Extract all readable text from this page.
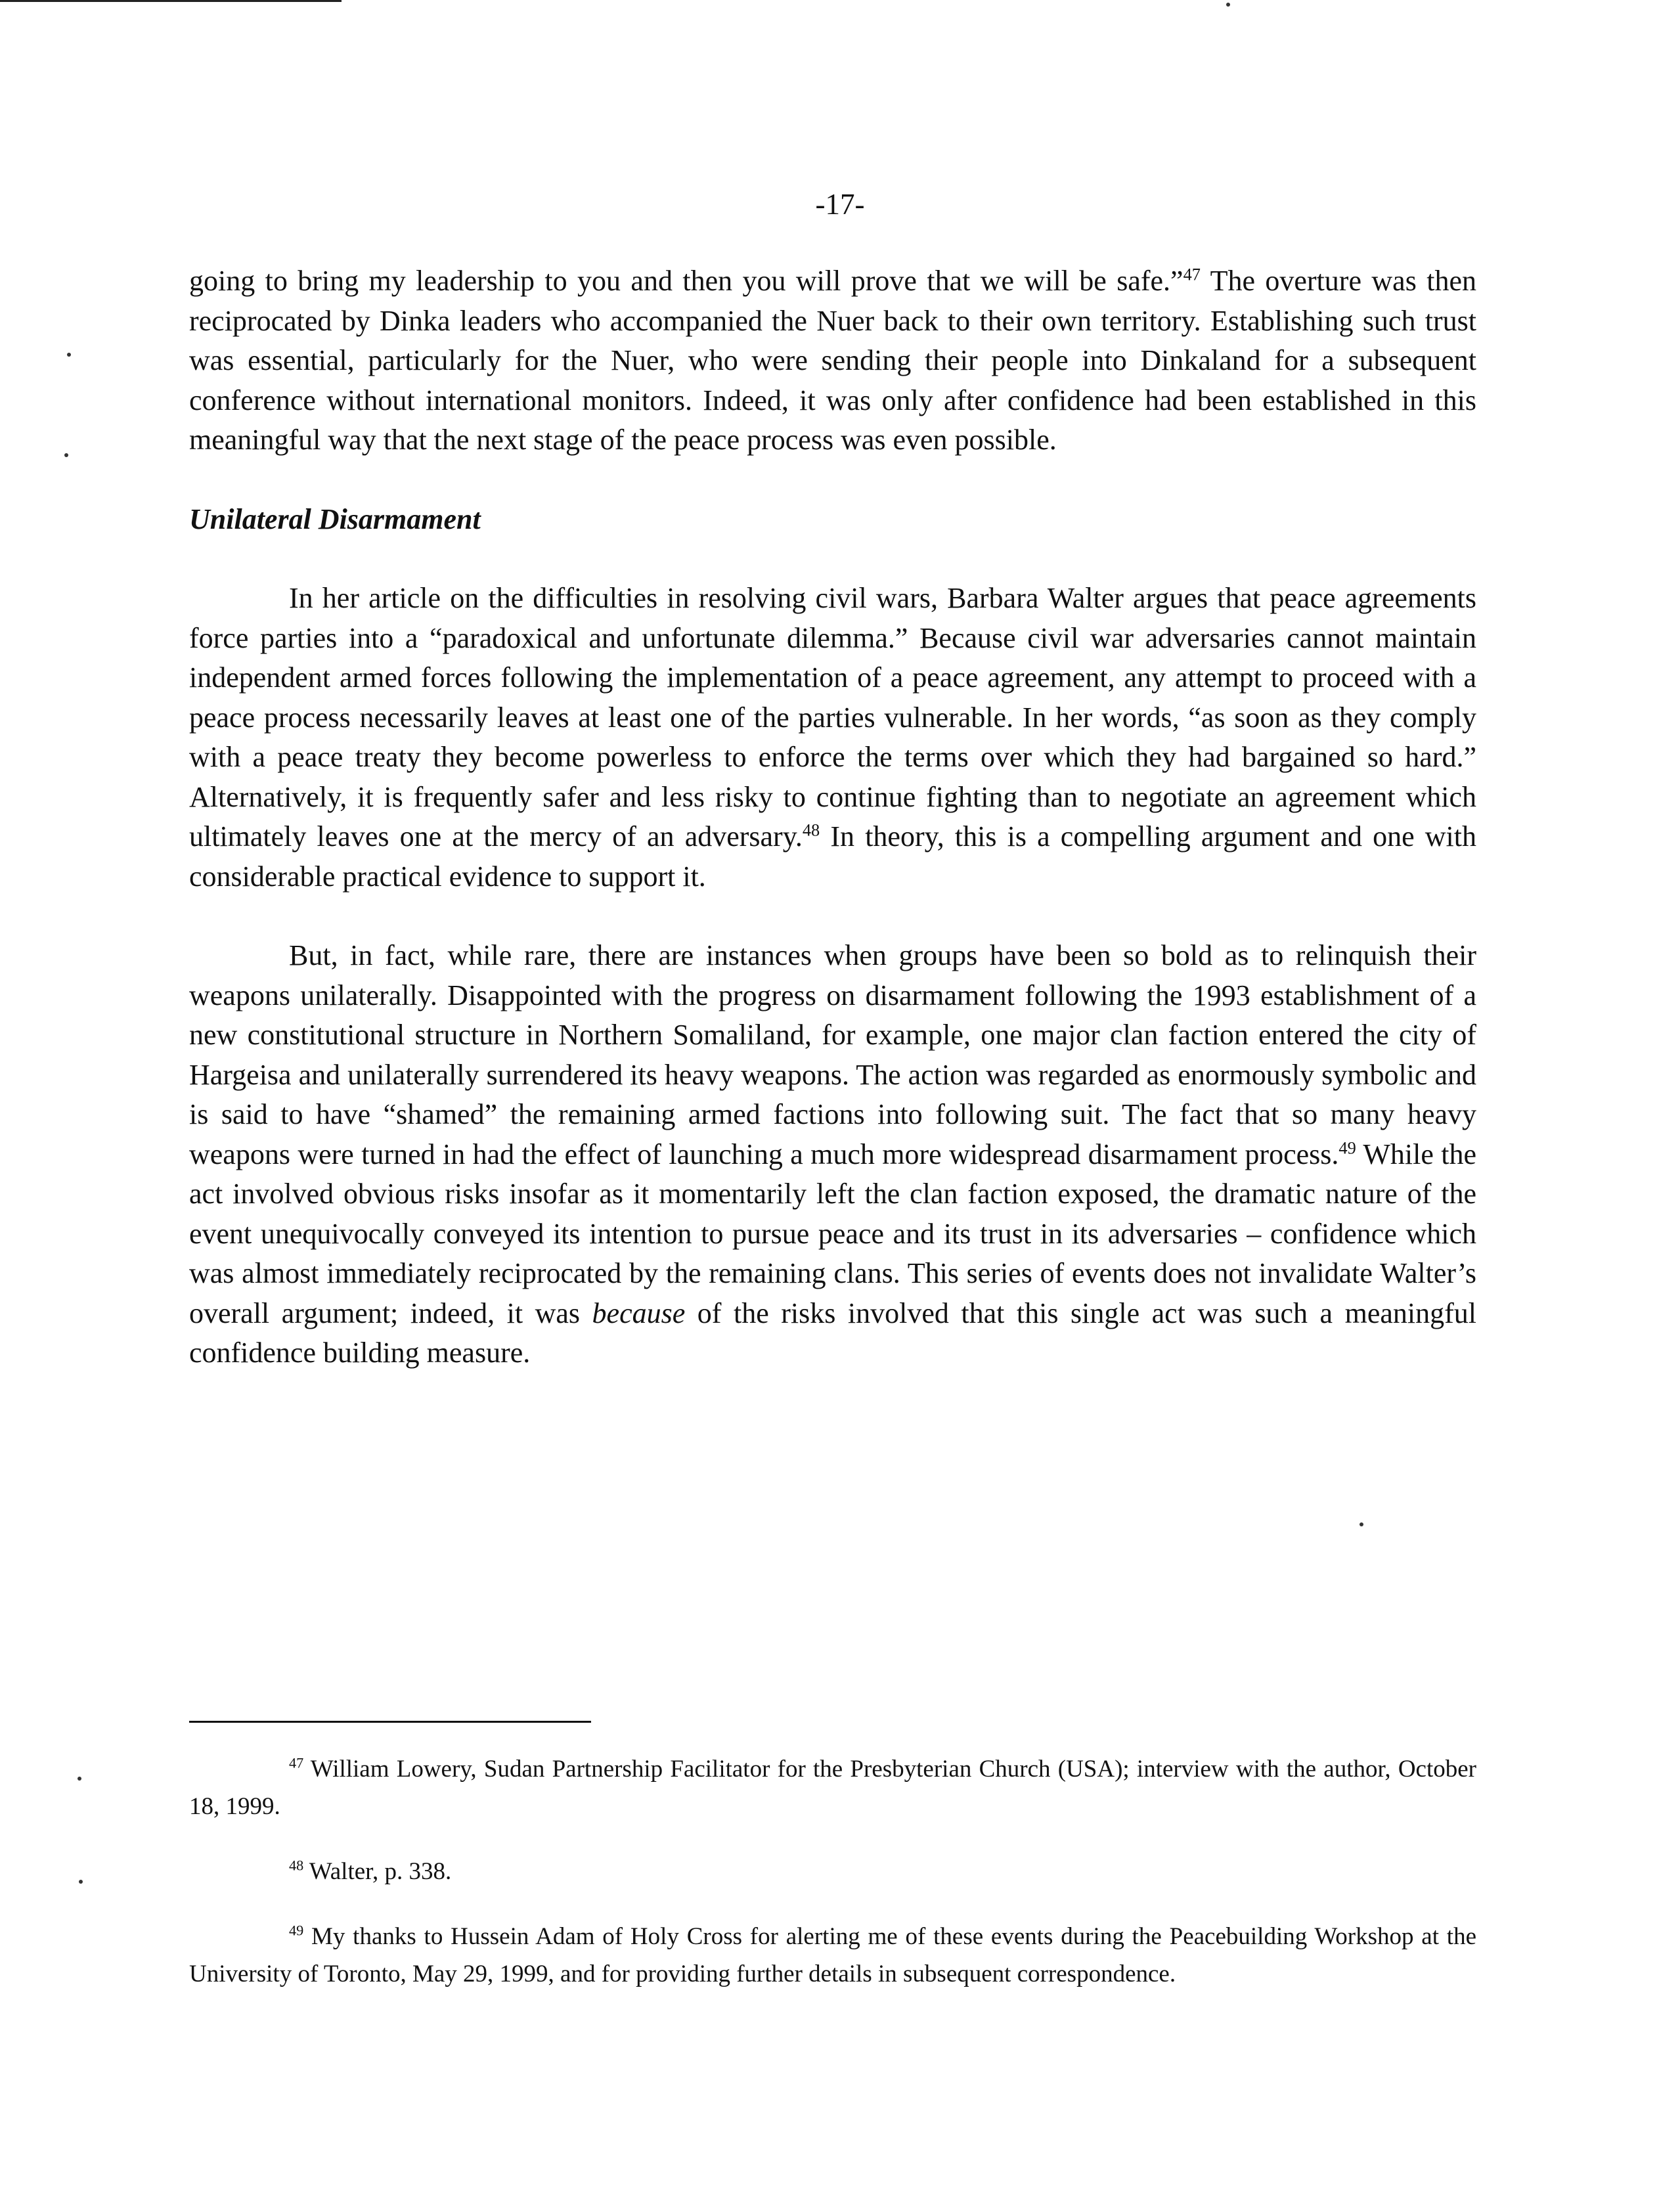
-17-

going to bring my leadership to you and then you will prove that we will be safe.”$^{47}$ The overture was then reciprocated by Dinka leaders who accompanied the Nuer back to their own territory. Establishing such trust was essential, particularly for the Nuer, who were sending their people into Dinkaland for a subsequent conference without international monitors. Indeed, it was only after confidence had been established in this meaningful way that the next stage of the peace process was even possible.

Unilateral Disarmament

In her article on the difficulties in resolving civil wars, Barbara Walter argues that peace agreements force parties into a “paradoxical and unfortunate dilemma.” Because civil war adversaries cannot maintain independent armed forces following the implementation of a peace agreement, any attempt to proceed with a peace process necessarily leaves at least one of the parties vulnerable. In her words, “as soon as they comply with a peace treaty they become powerless to enforce the terms over which they had bargained so hard.” Alternatively, it is frequently safer and less risky to continue fighting than to negotiate an agreement which ultimately leaves one at the mercy of an adversary.$^{48}$ In theory, this is a compelling argument and one with considerable practical evidence to support it.

But, in fact, while rare, there are instances when groups have been so bold as to relinquish their weapons unilaterally. Disappointed with the progress on disarmament following the 1993 establishment of a new constitutional structure in Northern Somaliland, for example, one major clan faction entered the city of Hargeisa and unilaterally surrendered its heavy weapons. The action was regarded as enormously symbolic and is said to have “shamed” the remaining armed factions into following suit. The fact that so many heavy weapons were turned in had the effect of launching a much more widespread disarmament process.$^{49}$ While the act involved obvious risks insofar as it momentarily left the clan faction exposed, the dramatic nature of the event unequivocally conveyed its intention to pursue peace and its trust in its adversaries – confidence which was almost immediately reciprocated by the remaining clans. This series of events does not invalidate Walter’s overall argument; indeed, it was because of the risks involved that this single act was such a meaningful confidence building measure.

$^{47}$ William Lowery, Sudan Partnership Facilitator for the Presbyterian Church (USA); interview with the author, October 18, 1999.

$^{48}$ Walter, p. 338.

$^{49}$ My thanks to Hussein Adam of Holy Cross for alerting me of these events during the Peacebuilding Workshop at the University of Toronto, May 29, 1999, and for providing further details in subsequent correspondence.
